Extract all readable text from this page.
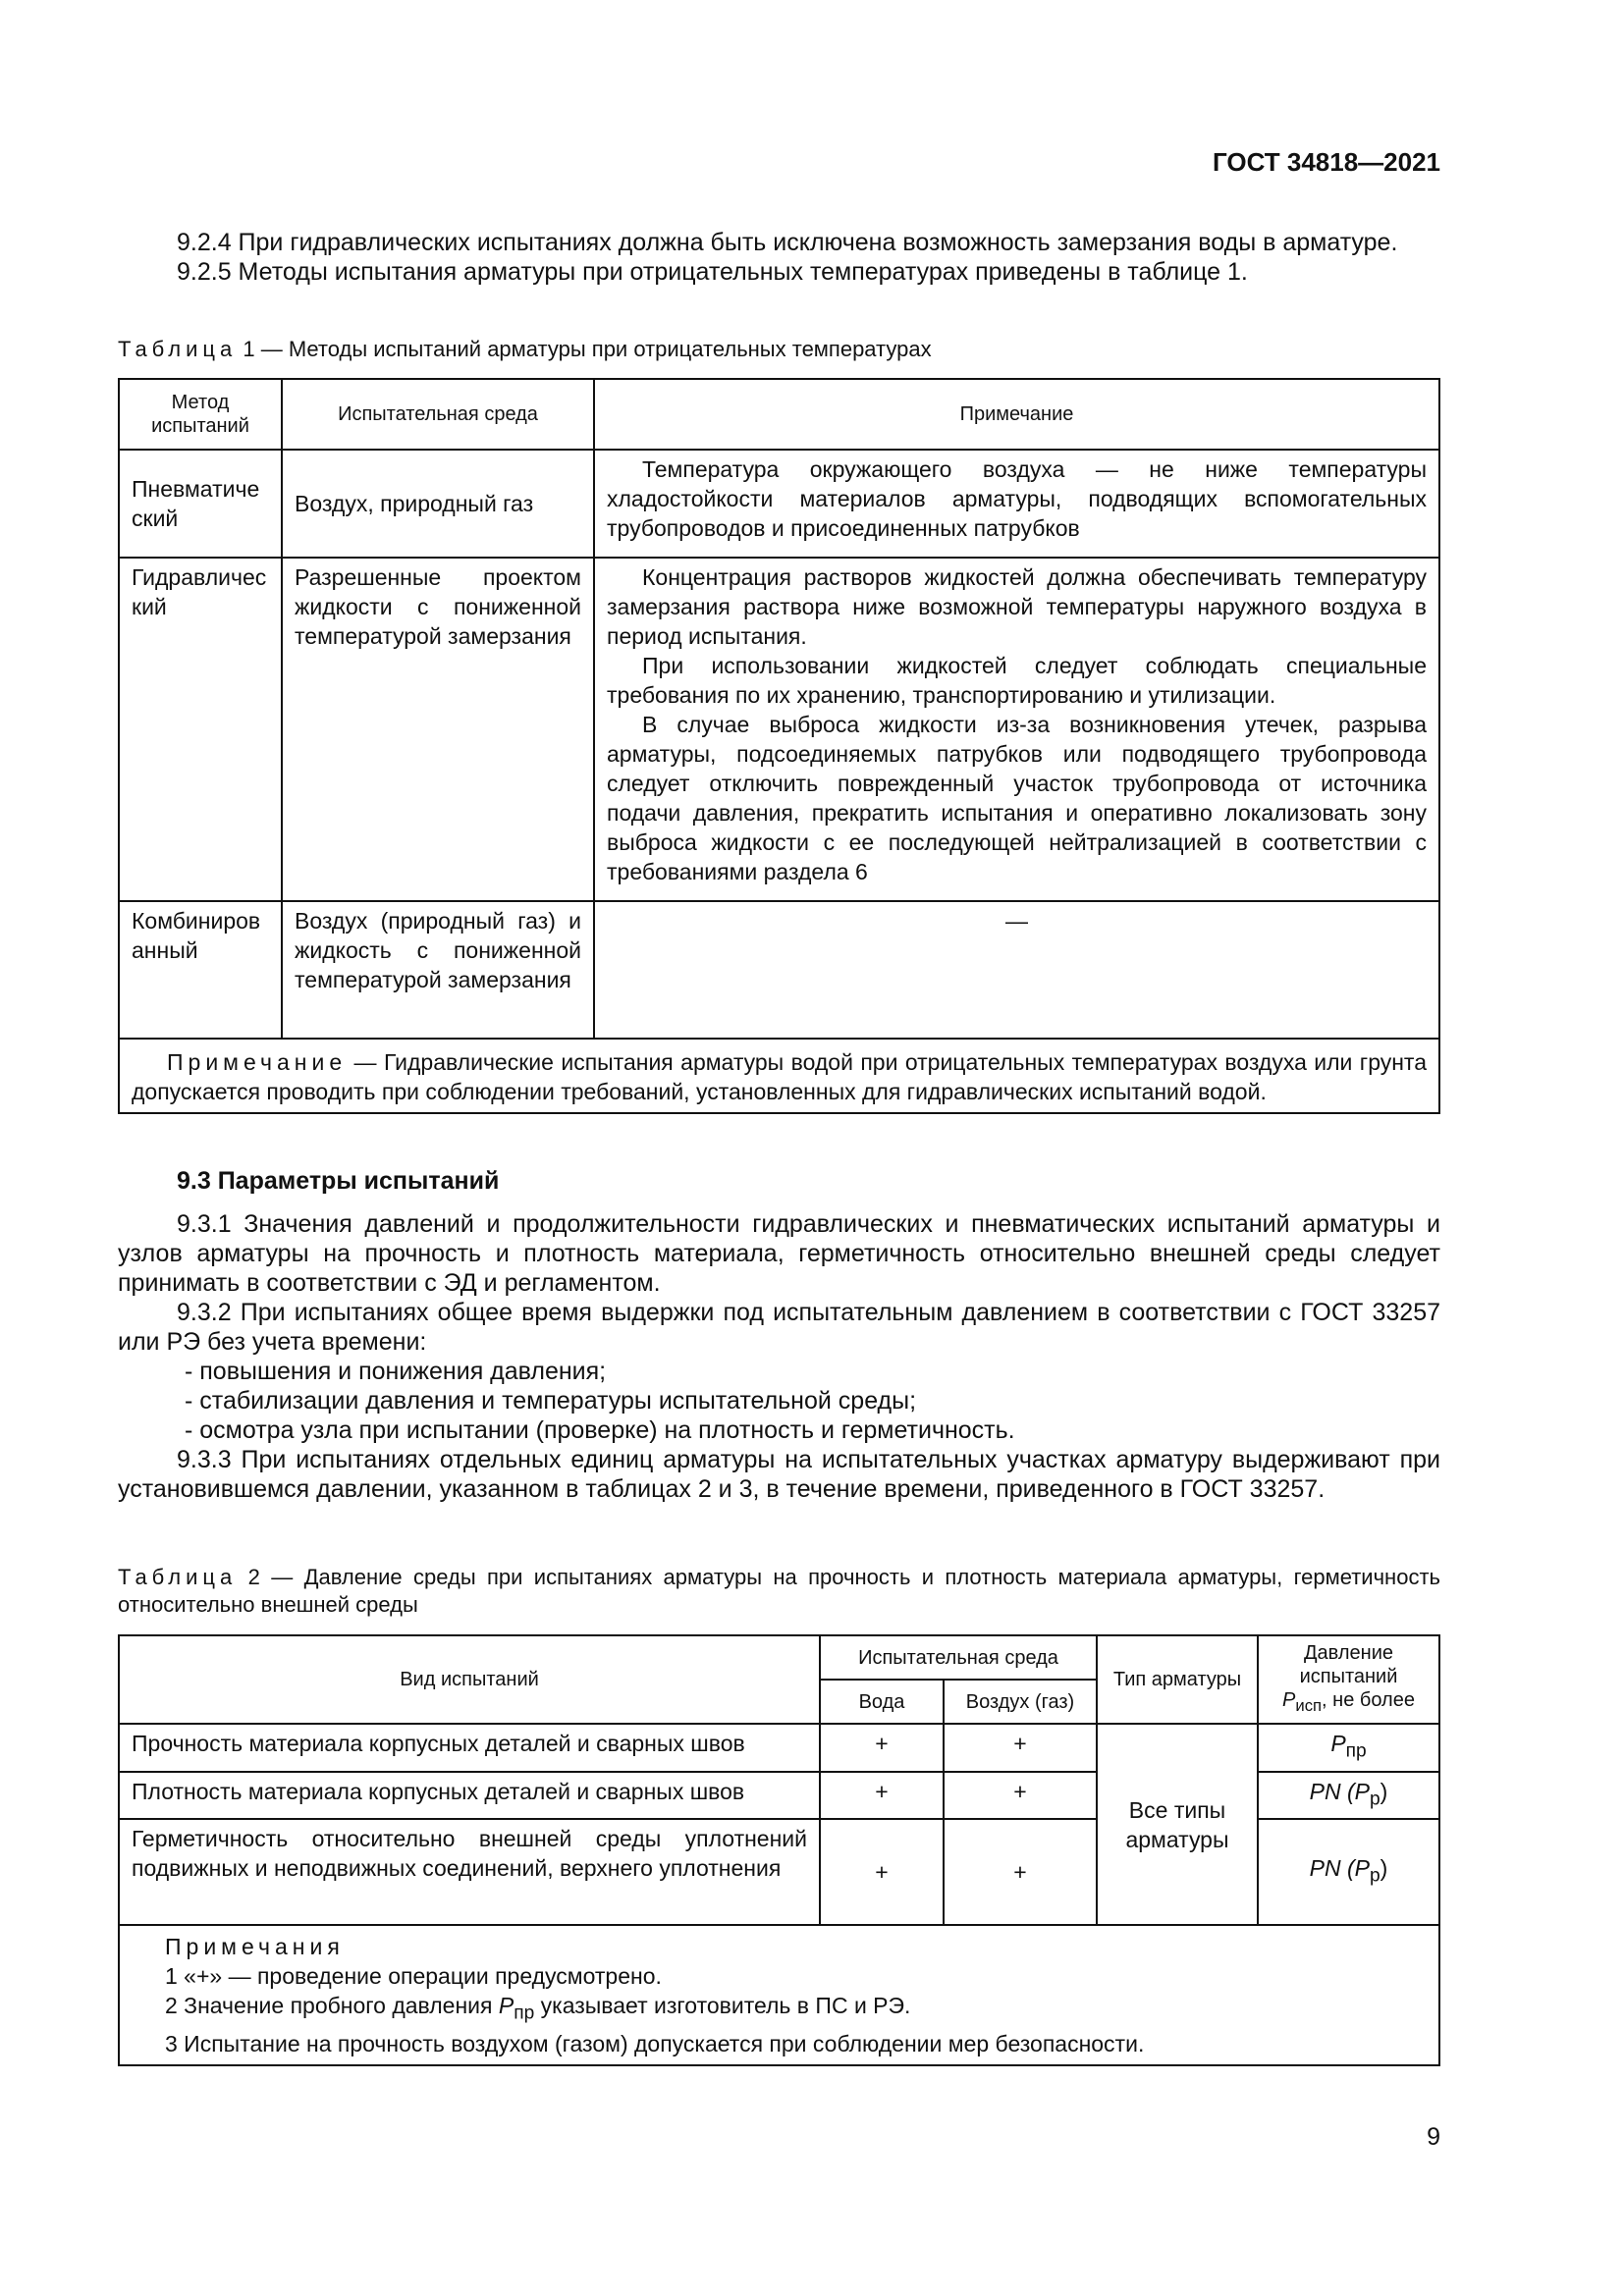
ГОСТ 34818—2021

9.2.4 При гидравлических испытаниях должна быть исключена возможность замерзания воды в арматуре.

9.2.5 Методы испытания арматуры при отрицательных температурах приведены в таблице 1.

Таблица 1 — Методы испытаний арматуры при отрицательных температурах
Метод испытаний	Испытательная среда	Примечание
Пневматический	Воздух, природный газ	Температура окружающего воздуха — не ниже температуры хладостойкости материалов арматуры, подводящих вспомогательных трубопроводов и присоединенных патрубков

Гидравлический	Разрешенные проектом жидкости с пониженной температурой замерзания	Концентрация растворов жидкостей должна обеспечивать температуру замерзания раствора ниже возможной температуры наружного воздуха в период испытания.

При использовании жидкостей следует соблюдать специальные требования по их хранению, транспортированию и утилизации.

В случае выброса жидкости из-за возникновения утечек, разрыва арматуры, подсоединяемых патрубков или подводящего трубопровода следует отключить поврежденный участок трубопровода от источника подачи давления, прекратить испытания и оперативно локализовать зону выброса жидкости с ее последующей нейтрализацией в соответствии с требованиями раздела 6

Комбинированный	Воздух (природный газ) и жидкость с пониженной температурой замерзания	—
Примечание — Гидравлические испытания арматуры водой при отрицательных температурах воздуха или грунта допускается проводить при соблюдении требований, установленных для гидравлических испытаний водой.		
9.3 Параметры испытаний

9.3.1 Значения давлений и продолжительности гидравлических и пневматических испытаний арматуры и узлов арматуры на прочность и плотность материала, герметичность относительно внешней среды следует принимать в соответствии с ЭД и регламентом.

9.3.2 При испытаниях общее время выдержки под испытательным давлением в соответствии с ГОСТ 33257 или РЭ без учета времени:

- повышения и понижения давления;

- стабилизации давления и температуры испытательной среды;

- осмотра узла при испытании (проверке) на плотность и герметичность.

9.3.3 При испытаниях отдельных единиц арматуры на испытательных участках арматуру выдерживают при установившемся давлении, указанном в таблицах 2 и 3, в течение времени, приведенного в ГОСТ 33257.

Таблица 2 — Давление среды при испытаниях арматуры на прочность и плотность материала арматуры, герметичность относительно внешней среды
Вид испытаний	Испытательная среда		Тип арматуры	Давление испытаний
$P_{исп}$, не более
	Вода	Воздух (газ)		
Прочность материала корпусных деталей и сварных швов	+	+	Все типы арматуры	$P_{пр}$
Плотность материала корпусных деталей и сварных швов	+	+		PN $(P_р)$
Герметичность относительно внешней среды уплотнений подвижных и неподвижных соединений, верхнего уплотнения	+	+		PN $(P_р)$

Примечания
1 «+» — проведение операции предусмотрено.
2 Значение пробного давления $P_{пр}$ указывает изготовитель в ПС и РЭ.
3 Испытание на прочность воздухом (газом) допускается при соблюдении мер безопасности.				
9
